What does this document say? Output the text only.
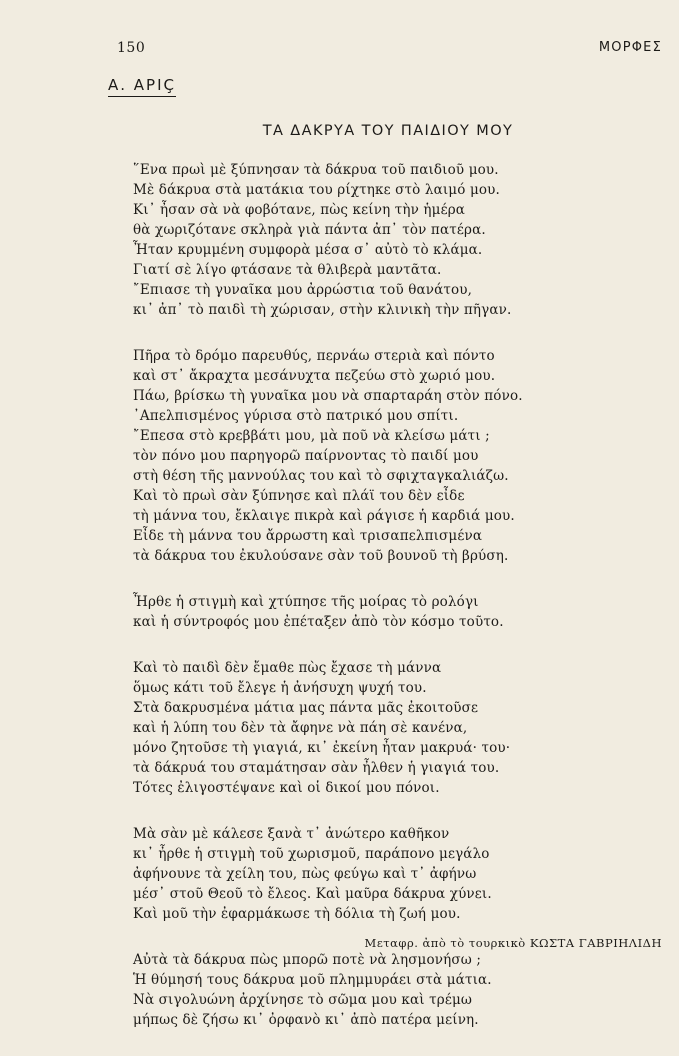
150	ΜΟΡΦΕΣ
Α. ΑΡΙÇ
ΤΑ ΔΑΚΡΥΑ ΤΟΥ ΠΑΙΔΙΟΥ ΜΟΥ
῞Ενα πρωὶ μὲ ξύπνησαν τὰ δάκρυα τοῦ παιδιοῦ μου.
Μὲ δάκρυα στὰ ματάκια του ρίχτηκε στὸ λαιμό μου.
Κι᾿ ἦσαν σὰ νὰ φοβότανε, πὼς κείνη τὴν ἡμέρα
θὰ χωριζότανε σκληρὰ γιὰ πάντα ἀπ᾿ τὸν πατέρα.
Ἦταν κρυμμένη συμφορὰ μέσα σ᾿ αὐτὸ τὸ κλάμα.
Γιατί σὲ λίγο φτάσανε τὰ θλιβερὰ μαντᾶτα.
῎Επιασε τὴ γυναῖκα μου ἀρρώστια τοῦ θανάτου,
κι᾿ ἀπ᾿ τὸ παιδὶ τὴ χώρισαν, στὴν κλινικὴ τὴν πῆγαν.
Πῆρα τὸ δρόμο παρευθύς, περνάω στεριὰ καὶ πόντο
καὶ στ᾿ ἄκραχτα μεσάνυχτα πεζεύω στὸ χωριό μου.
Πάω, βρίσκω τὴ γυναῖκα μου νὰ σπαρταράη στὸν πόνο.
᾿Απελπισμένος γύρισα στὸ πατρικό μου σπίτι.
῎Επεσα στὸ κρεββάτι μου, μὰ ποῦ νὰ κλείσω μάτι ;
τὸν πόνο μου παρηγορῶ παίρνοντας τὸ παιδί μου
στὴ θέση τῆς μαννούλας του καὶ τὸ σφιχταγκαλιάζω.
Καὶ τὸ πρωὶ σὰν ξύπνησε καὶ πλάϊ του δὲν εἶδε
τὴ μάννα του, ἔκλαιγε πικρὰ καὶ ράγισε ἡ καρδιά μου.
Εἶδε τὴ μάννα του ἄρρωστη καὶ τρισαπελπισμένα
τὰ δάκρυα του ἐκυλούσανε σὰν τοῦ βουνοῦ τὴ βρύση.
Ἦρθε ἡ στιγμὴ καὶ χτύπησε τῆς μοίρας τὸ ρολόγι
καὶ ἡ σύντροφός μου ἐπέταξεν ἀπὸ τὸν κόσμο τοῦτο.
Καὶ τὸ παιδὶ δὲν ἔμαθε πὼς ἔχασε τὴ μάννα
ὅμως κάτι τοῦ ἔλεγε ἡ ἀνήσυχη ψυχή του.
Στὰ δακρυσμένα μάτια μας πάντα μᾶς ἐκοιτοῦσε
καὶ ἡ λύπη του δὲν τὰ ἄφηνε νὰ πάη σὲ κανένα,
μόνο ζητοῦσε τὴ γιαγιά, κι᾿ ἐκείνη ἦταν μακρυά· του·
τὰ δάκρυά του σταμάτησαν σὰν ἦλθεν ἡ γιαγιά του.
Τότες ἐλιγοστέψανε καὶ οἱ δικοί μου πόνοι.
Μὰ σὰν μὲ κάλεσε ξανὰ τ᾿ ἀνώτερο καθῆκον
κι᾿ ἦρθε ἡ στιγμὴ τοῦ χωρισμοῦ, παράπονο μεγάλο
ἀφήνουνε τὰ χείλη του, πὼς φεύγω καὶ τ᾿ ἀφήνω
μέσ᾿ στοῦ Θεοῦ τὸ ἔλεος. Καὶ μαῦρα δάκρυα χύνει.
Καὶ μοῦ τὴν ἐφαρμάκωσε τὴ δόλια τὴ ζωή μου.
Αὐτὰ τὰ δάκρυα πὼς μπορῶ ποτὲ νὰ λησμονήσω ;
Ἡ θύμησή τους δάκρυα μοῦ πλημμυράει στὰ μάτια.
Νὰ σιγολυώνη ἀρχίνησε τὸ σῶμα μου καὶ τρέμω
μήπως δὲ ζήσω κι᾿ ὀρφανὸ κι᾿ ἀπὸ πατέρα μείνη.
Μεταφρ. ἀπὸ τὸ τουρκικὸ ΚΩΣΤΑ ΓΑΒΡΙΗΛΙΔΗ
